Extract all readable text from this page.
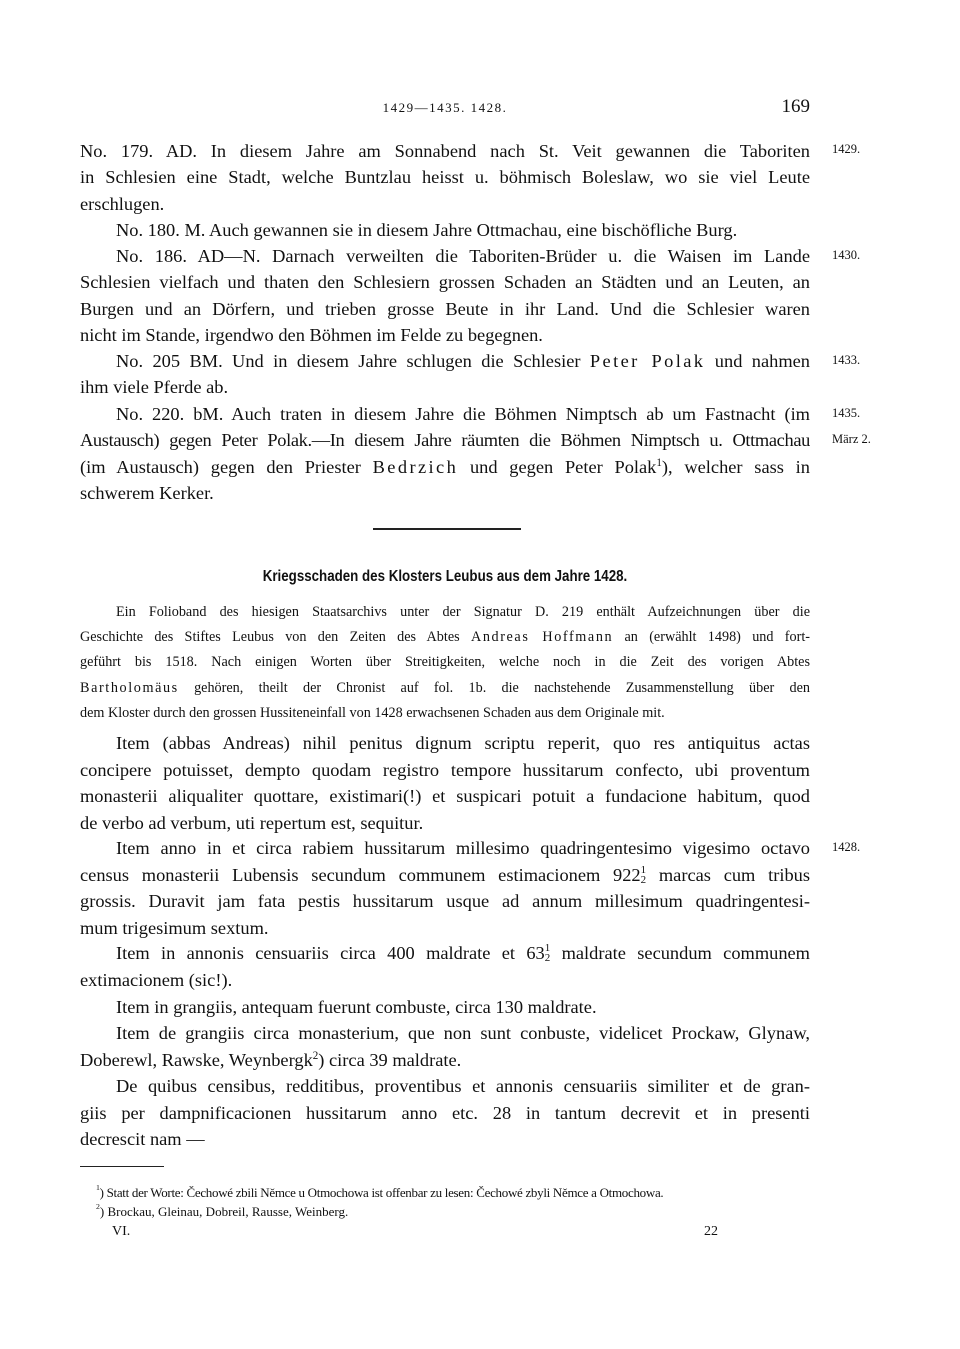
1429—1435. 1428.	169
No. 179. AD. In diesem Jahre am Sonnabend nach St. Veit gewannen die Taboriten
in Schlesien eine Stadt, welche Buntzlau heisst u. böhmisch Boleslaw, wo sie viel Leute
erschlugen.
No. 180. M. Auch gewannen sie in diesem Jahre Ottmachau, eine bischöfliche Burg.
No. 186. AD—N. Darnach verweilten die Taboriten-Brüder u. die Waisen im Lande
Schlesien vielfach und thaten den Schlesiern grossen Schaden an Städten und an Leuten, an
Burgen und an Dörfern, und trieben grosse Beute in ihr Land. Und die Schlesier waren
nicht im Stande, irgendwo den Böhmen im Felde zu begegnen.
No. 205 BM. Und in diesem Jahre schlugen die Schlesier Peter Polak und nahmen
ihm viele Pferde ab.
No. 220. bM. Auch traten in diesem Jahre die Böhmen Nimptsch ab um Fastnacht (im
Austausch) gegen Peter Polak.—In diesem Jahre räumten die Böhmen Nimptsch u. Ottmachau
(im Austausch) gegen den Priester Bedrzich und gegen Peter Polak$^1$), welcher sass in
schwerem Kerker.
1429.
1430.
1433.
1435.
März 2.
1428.
Kriegsschaden des Klosters Leubus aus dem Jahre 1428.
Ein Folioband des hiesigen Staatsarchivs unter der Signatur D. 219 enthält Aufzeichnungen über die
Geschichte des Stiftes Leubus von den Zeiten des Abtes Andreas Hoffmann an (erwählt 1498) und fort-
geführt bis 1518. Nach einigen Worten über Streitigkeiten, welche noch in die Zeit des vorigen Abtes
Bartholomäus gehören, theilt der Chronist auf fol. 1b. die nachstehende Zusammenstellung über den
dem Kloster durch den grossen Hussiteneinfall von 1428 erwachsenen Schaden aus dem Originale mit.
Item (abbas Andreas) nihil penitus dignum scriptu reperit, quo res antiquitus actas
concipere potuisset, dempto quodam registro tempore hussitarum confecto, ubi proventum
monasterii aliqualiter quottare, existimari(!) et suspicari potuit a fundacione habitum, quod
de verbo ad verbum, uti repertum est, sequitur.
Item anno in et circa rabiem hussitarum millesimo quadringentesimo vigesimo octavo
census monasterii Lubensis secundum communem estimacionem 922 1
2 marcas cum tribus
grossis. Duravit jam fata pestis hussitarum usque ad annum millesimum quadringentesi-
mum trigesimum sextum.
Item in annonis censuariis circa 400 maldrate et 63 1
2 maldrate secundum communem
extimacionem (sic!).
Item in grangiis, antequam fuerunt combuste, circa 130 maldrate.
Item de grangiis circa monasterium, que non sunt conbuste, videlicet Prockaw, Glynaw,
Doberewl, Rawske, Weynbergk$^2$) circa 39 maldrate.
De quibus censibus, redditibus, proventibus et annonis censuariis similiter et de gran-
giis per dampnificacionen hussitarum anno etc. 28 in tantum decrevit et in presenti
decrescit nam —
$^1$) Statt der Worte: Čechowé zbili Němce u Otmochowa ist offenbar zu lesen: Čechowé zbyli Němce a Otmochowa.
$^2$) Brockau, Gleinau, Dobreil, Rausse, Weinberg.
VI.	22
